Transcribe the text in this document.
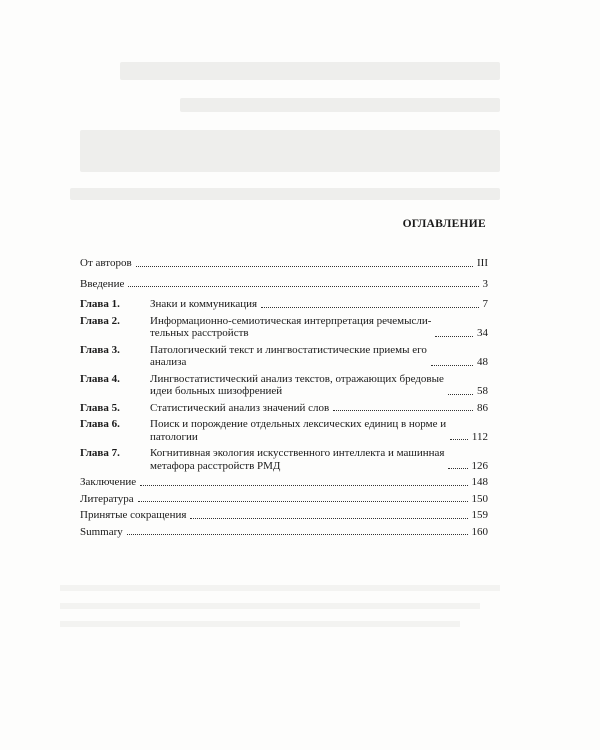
ОГЛАВЛЕНИЕ
От авторов	III
Введение	3
Глава 1.	Знаки и коммуникация	7
Глава 2.	Информационно-семиотическая интерпретация речемысли-
тельных расстройств	34
Глава 3.	Патологический текст и лингвостатистические приемы его
анализа	48
Глава 4.	Лингвостатистический анализ текстов, отражающих бредовые
идеи больных шизофренией	58
Глава 5.	Статистический анализ значений слов	86
Глава 6.	Поиск и порождение отдельных лексических единиц в норме и
патологии	112
Глава 7.	Когнитивная экология искусственного интеллекта и машинная
метафора расстройств РМД	126
Заключение	148
Литература	150
Принятые сокращения	159
Summary	160
